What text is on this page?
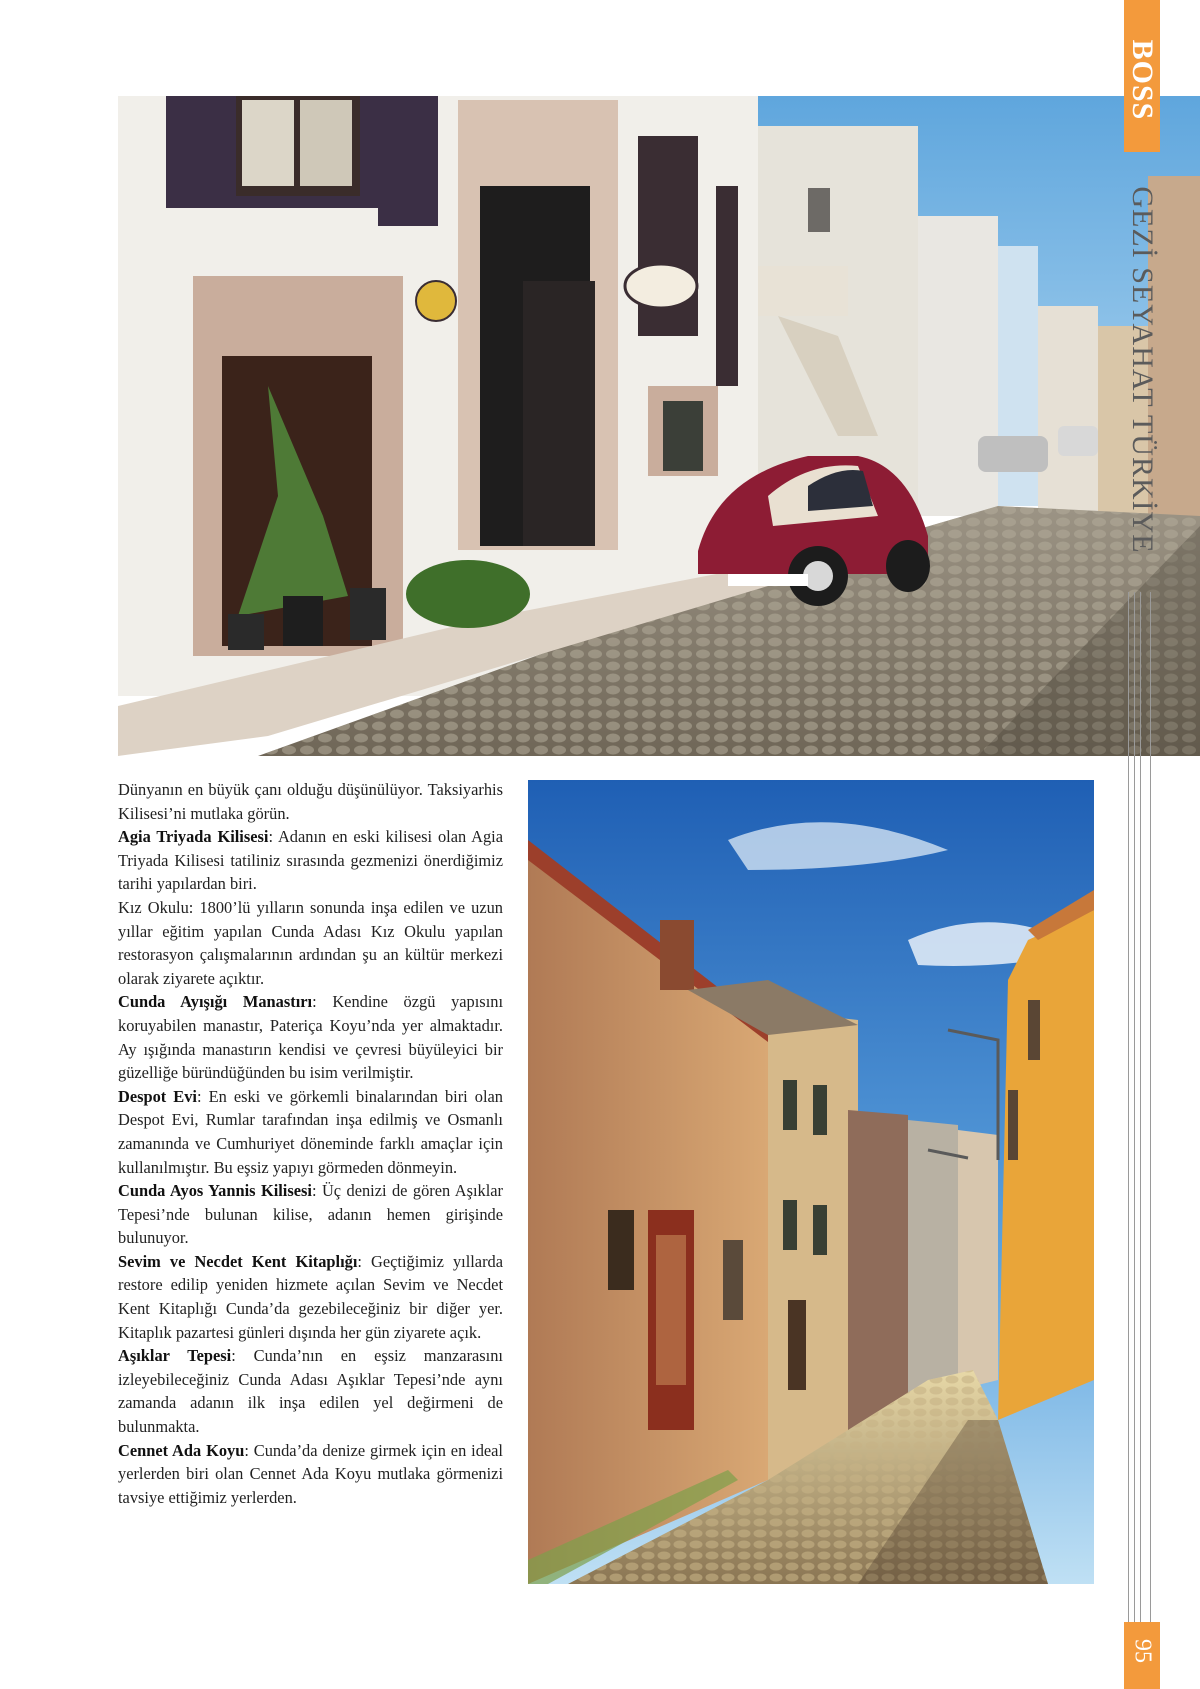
Dünyanın en büyük çanı olduğu düşünülüyor. Taksiyarhis Kilisesi’ni mutlaka görün.

Agia Triyada Kilisesi: Adanın en eski kilisesi olan Agia Triyada Kilisesi tatiliniz sırasında gezmenizi önerdiğimiz tarihi yapılardan biri.

Kız Okulu: 1800’lü yılların sonunda inşa edilen ve uzun yıllar eğitim yapılan Cunda Adası Kız Okulu yapılan restorasyon çalışmalarının ardından şu an kültür merkezi olarak ziyarete açıktır.

Cunda Ayışığı Manastırı: Kendine özgü yapısını koruyabilen manastır, Pateriça Koyu’nda yer almaktadır. Ay ışığında manastırın kendisi ve çevresi büyüleyici bir güzelliğe büründüğünden bu isim verilmiştir.

Despot Evi: En eski ve görkemli binalarından biri olan Despot Evi, Rumlar tarafından inşa edilmiş ve Osmanlı zamanında ve Cumhuriyet döneminde farklı amaçlar için kullanılmıştır. Bu eşsiz yapıyı görmeden dönmeyin.

Cunda Ayos Yannis Kilisesi: Üç denizi de gören Aşıklar Tepesi’nde bulunan kilise, adanın hemen girişinde bulunuyor.

Sevim ve Necdet Kent Kitaplığı: Geçtiğimiz yıllarda restore edilip yeniden hizmete açılan Sevim ve Necdet Kent Kitaplığı Cunda’da gezebileceğiniz bir diğer yer. Kitaplık pazartesi günleri dışında her gün ziyarete açık.

Aşıklar Tepesi: Cunda’nın en eşsiz manzarasını izleyebileceğiniz Cunda Adası Aşıklar Tepesi’nde aynı zamanda adanın ilk inşa edilen yel değirmeni de bulunmakta.

Cennet Ada Koyu: Cunda’da denize girmek için en ideal yerlerden biri olan Cennet Ada Koyu mutlaka görmenizi tavsiye ettiğimiz yerlerden.

BOSS
GEZİ SEYAHAT TÜRKİYE
95
